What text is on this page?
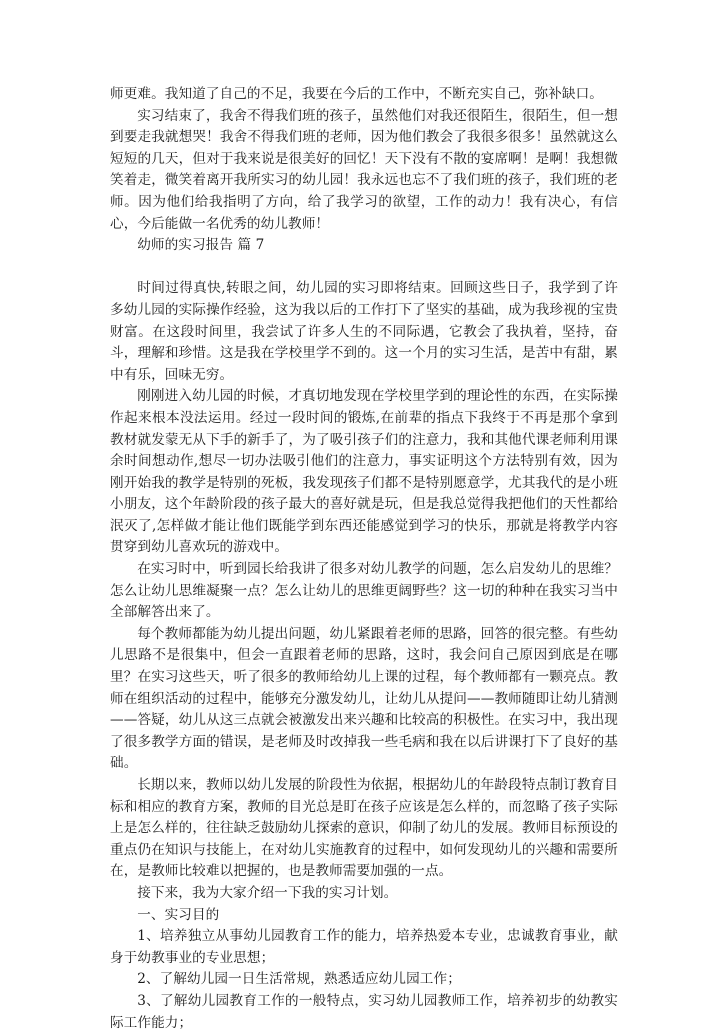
师更难。我知道了自己的不足，我要在今后的工作中，不断充实自己，弥补缺口。

实习结束了，我舍不得我们班的孩子，虽然他们对我还很陌生，很陌生，但一想到要走我就想哭！我舍不得我们班的老师，因为他们教会了我很多很多！虽然就这么短短的几天，但对于我来说是很美好的回忆！天下没有不散的宴席啊！是啊！我想微笑着走，微笑着离开我所实习的幼儿园！我永远也忘不了我们班的孩子，我们班的老师。因为他们给我指明了方向，给了我学习的欲望，工作的动力！我有决心，有信心，今后能做一名优秀的幼儿教师！

幼师的实习报告 篇 7

时间过得真快,转眼之间，幼儿园的实习即将结束。回顾这些日子，我学到了许多幼儿园的实际操作经验，这为我以后的工作打下了坚实的基础，成为我珍视的宝贵财富。在这段时间里，我尝试了许多人生的不同际遇，它教会了我执着，坚持，奋斗，理解和珍惜。这是我在学校里学不到的。这一个月的实习生活，是苦中有甜，累中有乐，回味无穷。

刚刚进入幼儿园的时候，才真切地发现在学校里学到的理论性的东西，在实际操作起来根本没法运用。经过一段时间的锻炼,在前辈的指点下我终于不再是那个拿到教材就发蒙无从下手的新手了，为了吸引孩子们的注意力，我和其他代课老师利用课余时间想动作,想尽一切办法吸引他们的注意力，事实证明这个方法特别有效，因为刚开始我的教学是特别的死板，我发现孩子们都不是特别愿意学，尤其我代的是小班小朋友，这个年龄阶段的孩子最大的喜好就是玩，但是我总觉得我把他们的天性都给泯灭了,怎样做才能让他们既能学到东西还能感觉到学习的快乐，那就是将教学内容贯穿到幼儿喜欢玩的游戏中。

在实习时中，听到园长给我讲了很多对幼儿教学的问题，怎么启发幼儿的思维？怎么让幼儿思维凝聚一点？怎么让幼儿的思维更阔野些？这一切的种种在我实习当中全部解答出来了。

每个教师都能为幼儿提出问题，幼儿紧跟着老师的思路，回答的很完整。有些幼儿思路不是很集中，但会一直跟着老师的思路，这时，我会问自己原因到底是在哪里？在实习这些天，听了很多的教师给幼儿上课的过程，每个教师都有一颗亮点。教师在组织活动的过程中，能够充分激发幼儿，让幼儿从提问——教师随即让幼儿猜测——答疑，幼儿从这三点就会被激发出来兴趣和比较高的积极性。在实习中，我出现了很多教学方面的错误，是老师及时改掉我一些毛病和我在以后讲课打下了良好的基础。

长期以来，教师以幼儿发展的阶段性为依据，根据幼儿的年龄段特点制订教育目标和相应的教育方案，教师的目光总是盯在孩子应该是怎么样的，而忽略了孩子实际上是怎么样的，往往缺乏鼓励幼儿探索的意识，仰制了幼儿的发展。教师目标预设的重点仍在知识与技能上，在对幼儿实施教育的过程中，如何发现幼儿的兴趣和需要所在，是教师比较难以把握的，也是教师需要加强的一点。

接下来，我为大家介绍一下我的实习计划。

一、实习目的

1、培养独立从事幼儿园教育工作的能力，培养热爱本专业，忠诚教育事业，献身于幼教事业的专业思想；

2、了解幼儿园一日生活常规，熟悉适应幼儿园工作；

3、了解幼儿园教育工作的一般特点，实习幼儿园教师工作，培养初步的幼教实际工作能力；
